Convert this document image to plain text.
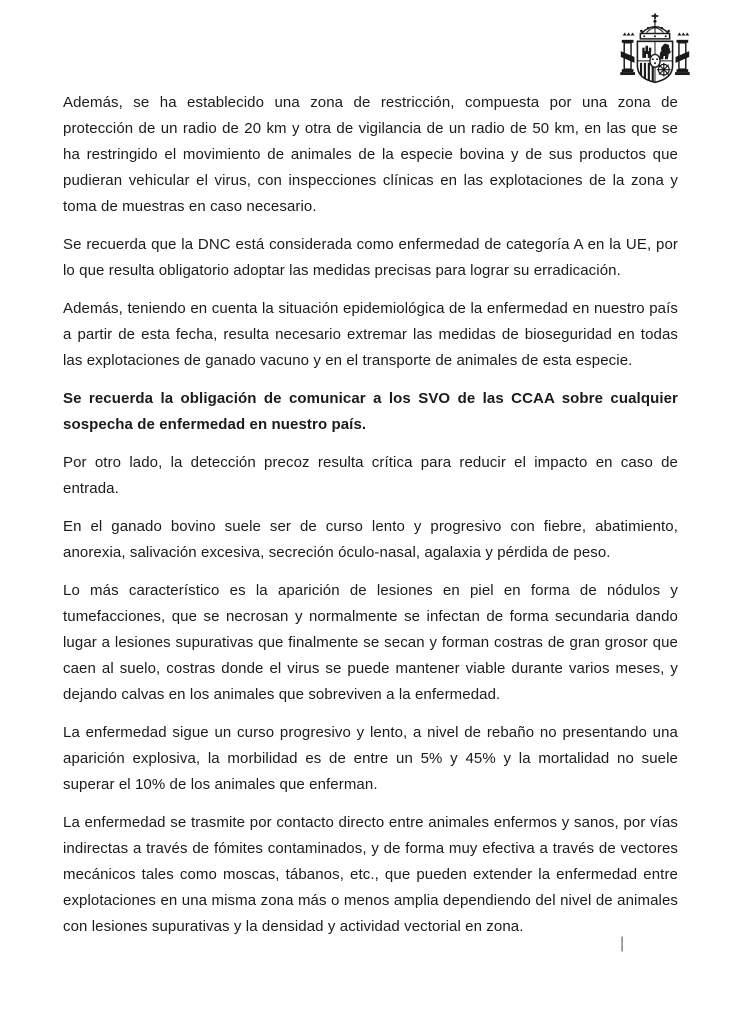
Además, se ha establecido una zona de restricción, compuesta por una zona de protección de un radio de 20 km y otra de vigilancia de un radio de 50 km, en las que se ha restringido el movimiento de animales de la especie bovina y de sus productos que pudieran vehicular el virus, con inspecciones clínicas en las explotaciones de la zona y toma de muestras en caso necesario.

Se recuerda que la DNC está considerada como enfermedad de categoría A en la UE, por lo que resulta obligatorio adoptar las medidas precisas para lograr su erradicación.

Además, teniendo en cuenta la situación epidemiológica de la enfermedad en nuestro país a partir de esta fecha, resulta necesario extremar las medidas de bioseguridad en todas las explotaciones de ganado vacuno y en el transporte de animales de esta especie.

Se recuerda la obligación de comunicar a los SVO de las CCAA sobre cualquier sospecha de enfermedad en nuestro país.

Por otro lado, la detección precoz resulta crítica para reducir el impacto en caso de entrada.

En el ganado bovino suele ser de curso lento y progresivo con fiebre, abatimiento, anorexia, salivación excesiva, secreción óculo-nasal, agalaxia y pérdida de peso.

Lo más característico es la aparición de lesiones en piel en forma de nódulos y tumefacciones, que se necrosan y normalmente se infectan de forma secundaria dando lugar a lesiones supurativas que finalmente se secan y forman costras de gran grosor que caen al suelo, costras donde el virus se puede mantener viable durante varios meses, y dejando calvas en los animales que sobreviven a la enfermedad.

La enfermedad sigue un curso progresivo y lento, a nivel de rebaño no presentando una aparición explosiva, la morbilidad es de entre un 5% y 45% y la mortalidad no suele superar el 10% de los animales que enferman.

La enfermedad se trasmite por contacto directo entre animales enfermos y sanos, por vías indirectas a través de fómites contaminados, y de forma muy efectiva a través de vectores mecánicos tales como moscas, tábanos, etc., que pueden extender la enfermedad entre explotaciones en una misma zona más o menos amplia dependiendo del nivel de animales con lesiones supurativas y la densidad y actividad vectorial en zona.

|
